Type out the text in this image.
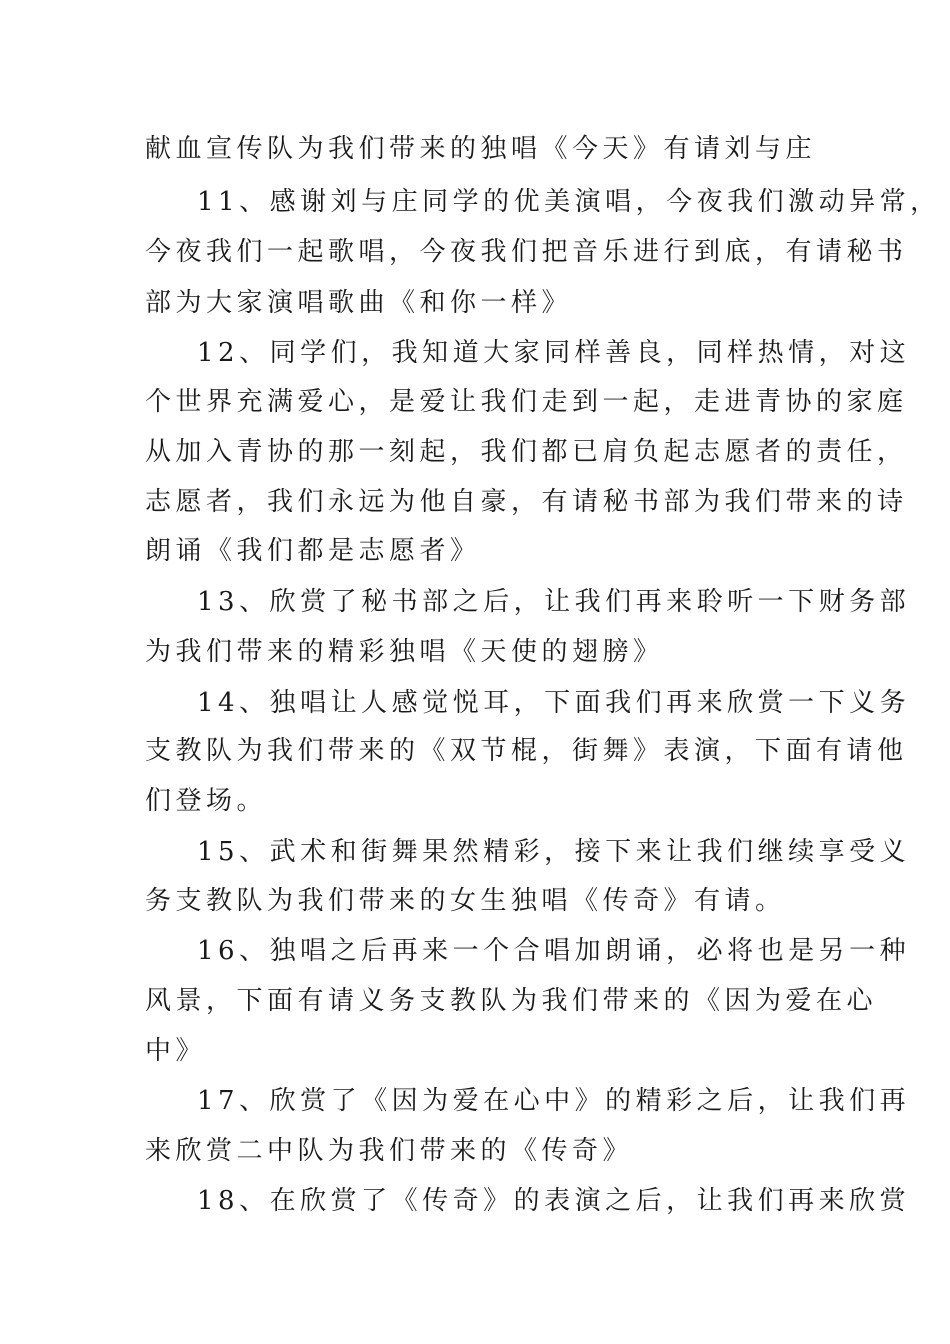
献血宣传队为我们带来的独唱《今天》有请刘与庄
11、感谢刘与庄同学的优美演唱，今夜我们激动异常，
今夜我们一起歌唱，今夜我们把音乐进行到底，有请秘书
部为大家演唱歌曲《和你一样》
12、同学们，我知道大家同样善良，同样热情，对这
个世界充满爱心，是爱让我们走到一起，走进青协的家庭
从加入青协的那一刻起，我们都已肩负起志愿者的责任，
志愿者，我们永远为他自豪，有请秘书部为我们带来的诗
朗诵《我们都是志愿者》
13、欣赏了秘书部之后，让我们再来聆听一下财务部
为我们带来的精彩独唱《天使的翅膀》
14、独唱让人感觉悦耳，下面我们再来欣赏一下义务
支教队为我们带来的《双节棍，街舞》表演，下面有请他
们登场。
15、武术和街舞果然精彩，接下来让我们继续享受义
务支教队为我们带来的女生独唱《传奇》有请。
16、独唱之后再来一个合唱加朗诵，必将也是另一种
风景，下面有请义务支教队为我们带来的《因为爱在心
中》
17、欣赏了《因为爱在心中》的精彩之后，让我们再
来欣赏二中队为我们带来的《传奇》
18、在欣赏了《传奇》的表演之后，让我们再来欣赏
